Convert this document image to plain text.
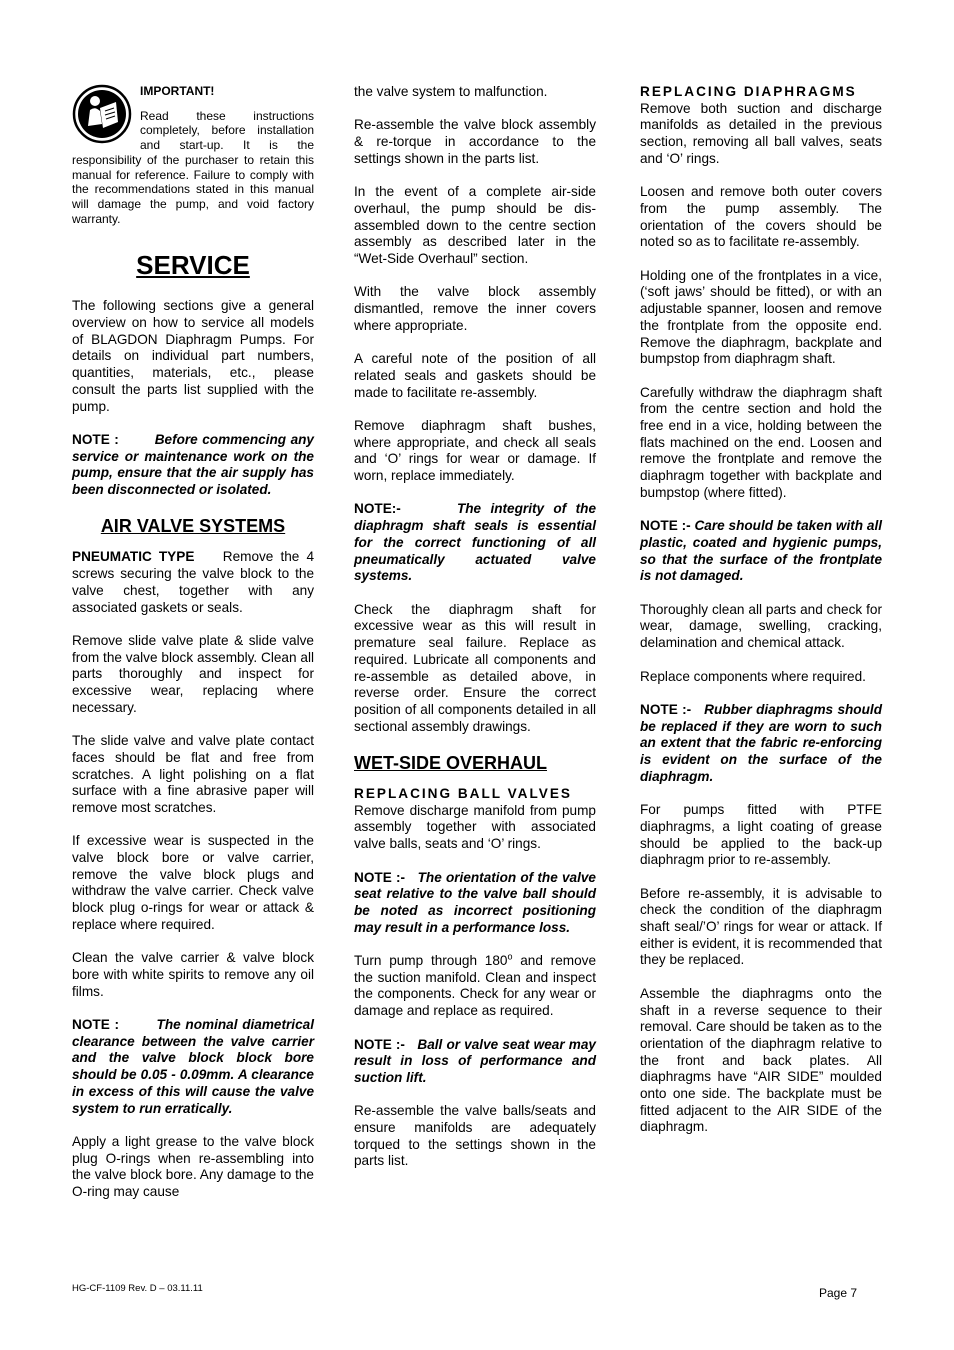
IMPORTANT!

Read these instructions completely, before installation and start-up. It is the responsibility of the purchaser to retain this manual for reference. Failure to comply with the recommendations stated in this manual will damage the pump, and void factory warranty.

SERVICE

The following sections give a general overview on how to service all models of BLAGDON Diaphragm Pumps. For details on individual part numbers, quantities, materials, etc., please consult the parts list supplied with the pump.

NOTE :	Before commencing any service or maintenance work on the pump, ensure that the air supply has been disconnected or isolated.

AIR VALVE SYSTEMS

PNEUMATIC TYPE Remove the 4 screws securing the valve block to the valve chest, together with any associated gaskets or seals.

Remove slide valve plate & slide valve from the valve block assembly. Clean all parts thoroughly and inspect for excessive wear, replacing where necessary.

The slide valve and valve plate contact faces should be flat and free from scratches. A light polishing on a flat surface with a fine abrasive paper will remove most scratches.

If excessive wear is suspected in the valve block bore or valve carrier, remove the valve block plugs and withdraw the valve carrier. Check valve block plug o-rings for wear or attack & replace where required.

Clean the valve carrier & valve block bore with white spirits to remove any oil films.

NOTE :	The nominal diametrical clearance between the valve carrier and the valve block block bore should be 0.05 - 0.09mm. A clearance in excess of this will cause the valve system to run erratically.

Apply a light grease to the valve block plug O-rings when re-assembling into the valve block bore. Any damage to the O-ring may cause

the valve system to malfunction.

Re-assemble the valve block assembly & re-torque in accordance to the settings shown in the parts list.

In the event of a complete air-side overhaul, the pump should be dis-assembled down to the centre section assembly as described later in the “Wet-Side Overhaul” section.

With the valve block assembly dismantled, remove the inner covers where appropriate.

A careful note of the position of all related seals and gaskets should be made to facilitate re-assembly.

Remove diaphragm shaft bushes, where appropriate, and check all seals and ‘O’ rings for wear or damage. If worn, replace immediately.

NOTE:-	The integrity of the diaphragm shaft seals is essential for the correct functioning of all pneumatically actuated valve systems.

Check the diaphragm shaft for excessive wear as this will result in premature seal failure. Replace as required. Lubricate all components and re-assemble as detailed above, in reverse order. Ensure the correct position of all components detailed in all sectional assembly drawings.

WET-SIDE OVERHAUL

REPLACING BALL VALVES
Remove discharge manifold from pump assembly together with associated valve balls, seats and ‘O’ rings.

NOTE :- The orientation of the valve seat relative to the valve ball should be noted as incorrect positioning may result in a performance loss.

Turn pump through 180$^o$ and remove the suction manifold. Clean and inspect the components. Check for any wear or damage and replace as required.

NOTE :- Ball or valve seat wear may result in loss of performance and suction lift.

Re-assemble the valve balls/seats and ensure manifolds are adequately torqued to the settings shown in the parts list.

REPLACING DIAPHRAGMS
Remove both suction and discharge manifolds as detailed in the previous section, removing all ball valves, seats and ‘O’ rings.

Loosen and remove both outer covers from the pump assembly. The orientation of the covers should be noted so as to facilitate re-assembly.

Holding one of the frontplates in a vice, (‘soft jaws’ should be fitted), or with an adjustable spanner, loosen and remove the frontplate from the opposite end. Remove the diaphragm, backplate and bumpstop from diaphragm shaft.

Carefully withdraw the diaphragm shaft from the centre section and hold the free end in a vice, holding between the flats machined on the end. Loosen and remove the frontplate and remove the diaphragm together with backplate and bumpstop (where fitted).

NOTE :- Care should be taken with all plastic, coated and hygienic pumps, so that the surface of the frontplate is not damaged.

Thoroughly clean all parts and check for wear, damage, swelling, cracking, delamination and chemical attack.

Replace components where required.

NOTE :- Rubber diaphragms should be replaced if they are worn to such an extent that the fabric re-enforcing is evident on the surface of the diaphragm.

For pumps fitted with PTFE diaphragms, a light coating of grease should be applied to the back-up diaphragm prior to re-assembly.

Before re-assembly, it is advisable to check the condition of the diaphragm shaft seal/’O’ rings for wear or attack. If either is evident, it is recommended that they be replaced.

Assemble the diaphragms onto the shaft in a reverse sequence to their removal. Care should be taken as to the orientation of the diaphragm relative to the front and back plates. All diaphragms have “AIR SIDE” moulded onto one side. The backplate must be fitted adjacent to the AIR SIDE of the diaphragm.

HG-CF-1109 Rev. D – 03.11.11	Page 7
